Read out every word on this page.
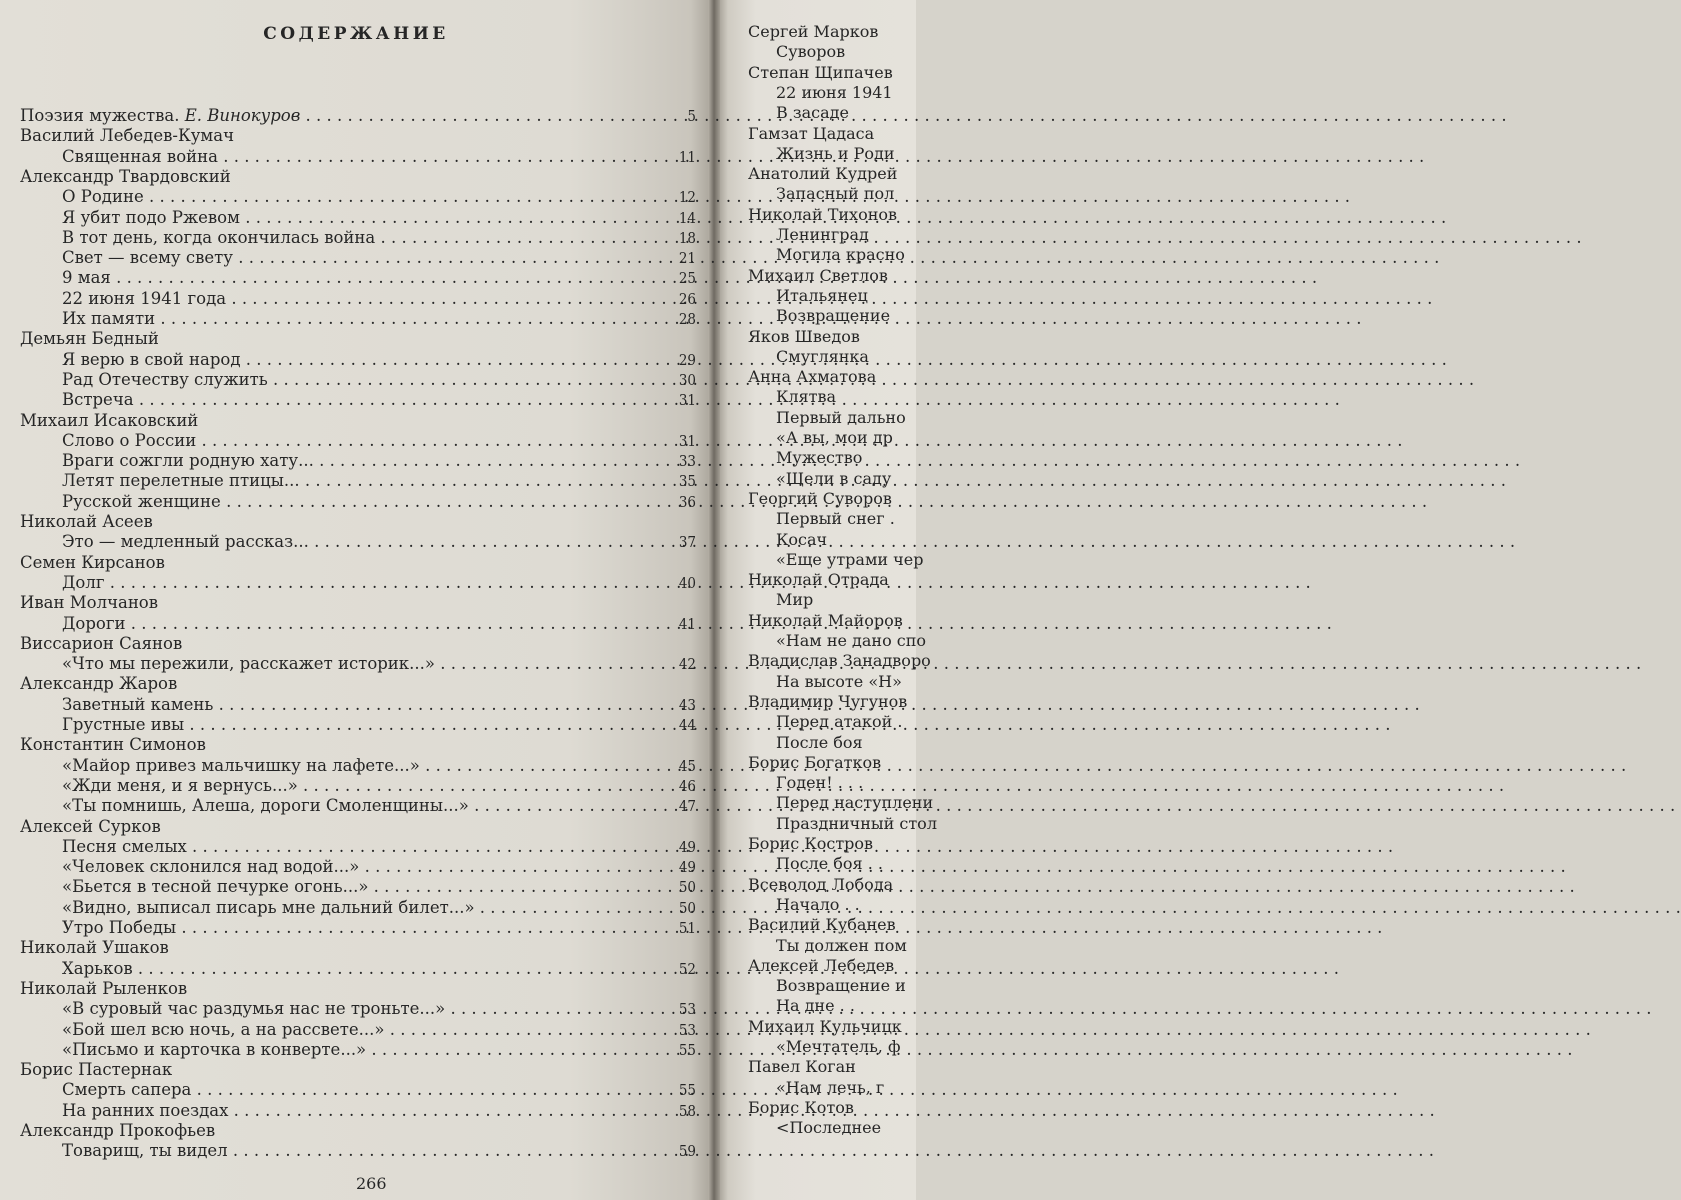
СОДЕРЖАНИЕ
Поэзия мужества. Е. Винокуров . . .	5
Василий Лебедев-Кумач
Священная война . . .	11
Александр Твардовский
О Родине . . .	12
Я убит подо Ржевом . . .	14
В тот день, когда окончилась война . . .	18
Свет — всему свету . . .	21
9 мая . . .	25
22 июня 1941 года . . .	26
Их памяти . . .	28
Демьян Бедный
Я верю в свой народ . . .	29
Рад Отечеству служить . . .	30
Встреча . . .	31
Михаил Исаковский
Слово о России . . .	31
Враги сожгли родную хату... . . .	33
Летят перелетные птицы... . . .	35
Русской женщине . . .	36
Николай Асеев
Это — медленный рассказ... . . .	37
Семен Кирсанов
Долг . . .	40
Иван Молчанов
Дороги . . .	41
Виссарион Саянов
«Что мы пережили, расскажет историк...» . . .	42
Александр Жаров
Заветный камень . . .	43
Грустные ивы . . .	44
Константин Симонов
«Майор привез мальчишку на лафете...» . . .	45
«Жди меня, и я вернусь...» . . .	46
«Ты помнишь, Алеша, дороги Смоленщины...» . . .	47
Алексей Сурков
Песня смелых . . .	49
«Человек склонился над водой...» . . .	49
«Бьется в тесной печурке огонь...» . . .	50
«Видно, выписал писарь мне дальний билет...» . . .	50
Утро Победы . . .	51
Николай Ушаков
Харьков . . .	52
Николай Рыленков
«В суровый час раздумья нас не троньте...» . . .	53
«Бой шел всю ночь, а на рассвете...» . . .	53
«Письмо и карточка в конверте...» . . .	55
Борис Пастернак
Смерть сапера . . .	55
На ранних поездах . . .	58
Александр Прокофьев
Товарищ, ты видел . . .	59
Сергей Марков
Суворов
Степан Щипачев
22 июня 1941
В засаде
Гамзат Цадаса
Жизнь и Роди
Анатолий Кудрей
Запасный пол
Николай Тихонов
Ленинград
Могила красно
Михаил Светлов
Итальянец
Возвращение
Яков Шведов
Смуглянка
Анна Ахматова
Клятва
Первый дально
«А вы, мои др
Мужество
«Щели в саду
Георгий Суворов
Первый снег .
Косач
«Еще утрами чер
Николай Отрада
Мир
Николай Майоров
«Нам не дано спо
Владислав Занадворо
На высоте «Н»
Владимир Чугунов
Перед атакой .
После боя
Борис Богатков
Годен! . . .
Перед наступлени
Праздничный стол
Борис Костров
После боя . .
Всеволод Лобода
Начало . .
Василий Кубанев
Ты должен пом
Алексей Лебедев
Возвращение и
На дне . .
Михаил Кульчицк
«Мечтатель, ф
Павел Коган
«Нам лечь, г
Борис Котов
<Последнее
266
